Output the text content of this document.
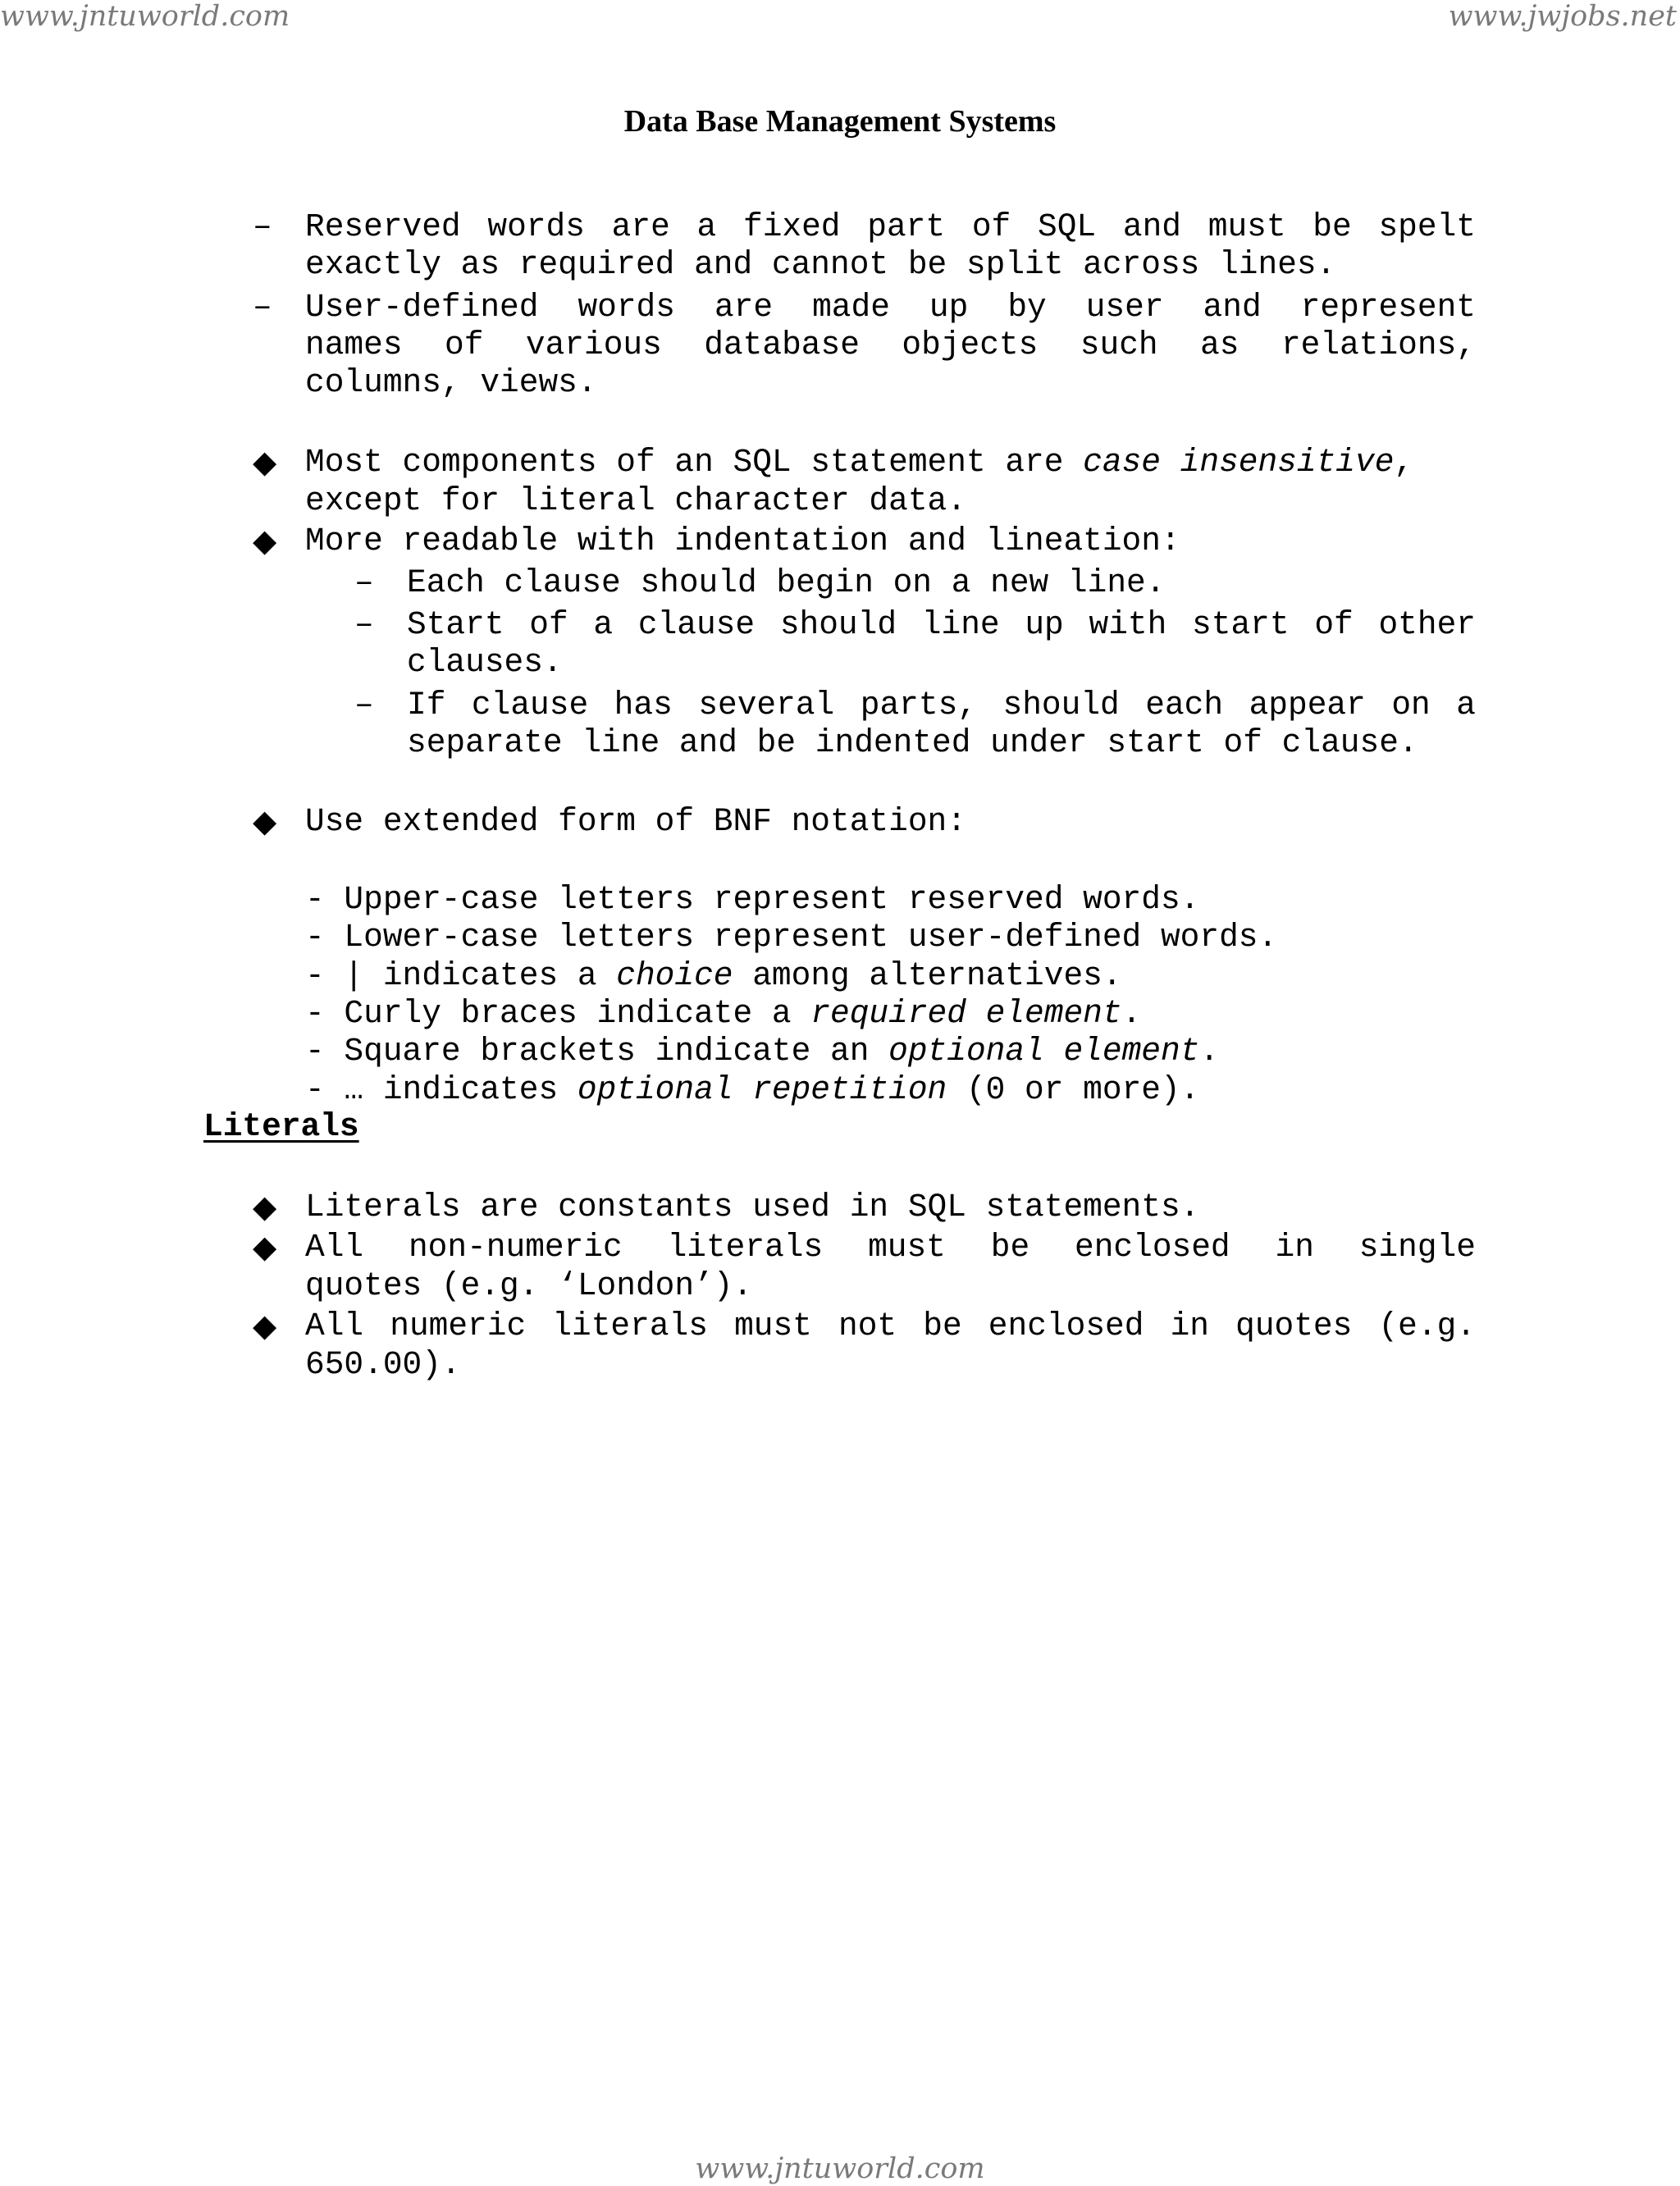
www.jntuworld.com	www.jwjobs.net
www.jntuworld.com
Data Base Management Systems
– Reserved words are a fixed part of SQL and must be spelt
exactly as required and cannot be split across lines.
– User-defined words are made up by user and represent
names of various database objects such as relations,
columns, views.
◆ Most components of an SQL statement are case insensitive,
except for literal character data.
◆ More readable with indentation and lineation:
– Each clause should begin on a new line.
– Start of a clause should line up with start of other
clauses.
– If clause has several parts, should each appear on a
separate line and be indented under start of clause.
◆ Use extended form of BNF notation:
- Upper-case letters represent reserved words.
- Lower-case letters represent user-defined words.
- | indicates a choice among alternatives.
- Curly braces indicate a required element.
- Square brackets indicate an optional element.
- … indicates optional repetition (0 or more).
Literals
◆ Literals are constants used in SQL statements.
◆ All non-numeric literals must be enclosed in single
quotes (e.g. ‘London’).
◆ All numeric literals must not be enclosed in quotes (e.g.
650.00).
